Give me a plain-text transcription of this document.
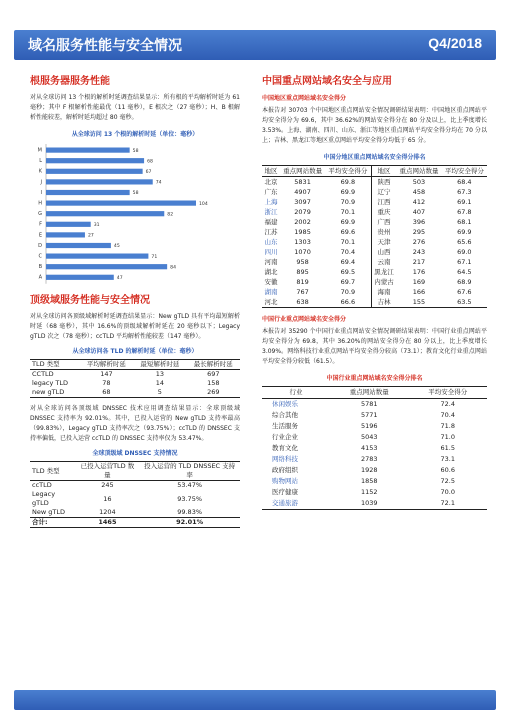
域名服务性能与安全情况	Q4/2018
根服务器服务性能
对从全球访问 13 个根的解析时延调查结果显示：所有根的平均解析时延为 61 毫秒；其中 F 根解析性能最优（11 毫秒），E 根次之（27 毫秒）；H、B 根解析性能较差，解析时延均超过 80 毫秒。
从全球访问 13 个根的解析时延（单位：毫秒）
M	58
L	68
K	67
J	74
I	58
H	104
G	82
F	31
E	27
D	45
C	71
B	84
A	47
顶级域服务性能与安全情况
对从全球访问各顶级域解析时延调查结果显示：New gTLD 具有平均最短解析时延（68 毫秒），其中 16.6%的顶级域解析时延在 20 毫秒以下；Legacy gTLD 次之（78 毫秒）；ccTLD 平均解析性能较差（147 毫秒）。
从全球访问各 TLD 的解析时延（单位：毫秒）
TLD 类型	平均解析时延	最短解析时延	最长解析时延
CCTLD	147	13	697
legacy TLD	78	14	158
new gTLD	68	5	269
对从全球访问各顶级域 DNSSEC 技术应用调查结果显示：全球顶级域 DNSSEC 支持率为 92.01%。其中，已投入运营的 New gTLD 支持率最高（99.83%），Legacy gTLD 支持率次之（93.75%）；ccTLD 的 DNSSEC 支持率偏低，已投入运营 ccTLD 的 DNSSEC 支持率仅为 53.47%。
全球顶级域 DNSSEC 支持情况
TLD 类型	已投入运营TLD 数量	投入运营的 TLD DNSSEC 支持率
ccTLD	245	53.47%
Legacy gTLD	16	93.75%
New gTLD	1204	99.83%
合计:	1465	92.01%
中国重点网站域名安全与应用
中国地区重点网站域名安全得分
本报告对 30703 个中国地区重点网站安全情况调研结果表明：中国地区重点网站平均安全得分为 69.6，其中 36.62%的网站安全得分在 80 分及以上，比上季度增长 3.53%。上海、湖南、四川、山东、浙江等地区重点网站平均安全得分均在 70 分以上；吉林、黑龙江等地区重点网站平均安全得分均低于 65 分。
中国分地区重点网站域名安全得分排名
地区	重点网站数量	平均安全得分	地区	重点网站数量	平均安全得分
北京	5831	69.8	陕西	503	68.4
广东	4907	69.9	辽宁	458	67.3
上海	3097	70.9	江西	412	69.1
浙江	2079	70.1	重庆	407	67.8
福建	2002	69.9	广西	396	68.1
江苏	1985	69.6	贵州	295	69.9
山东	1303	70.1	天津	276	65.6
四川	1070	70.4	山西	243	69.0
河南	958	69.4	云南	217	67.1
湖北	895	69.5	黑龙江	176	64.5
安徽	819	69.7	内蒙古	169	68.9
湖南	767	70.9	海南	166	67.6
河北	638	66.6	吉林	155	63.5
中国行业重点网站域名安全得分
本报告对 35290 个中国行业重点网站安全情况调研结果表明：中国行业重点网站平均安全得分为 69.8，其中 36.20%的网站安全得分在 80 分以上，比上季度增长 3.09%。网络科技行业重点网站平均安全得分较高（73.1）；教育文化行业重点网站平均安全得分较低（61.5）。
中国行业重点网站域名安全得分排名
行业	重点网站数量	平均安全得分
休闲娱乐	5781	72.4
综合其他	5771	70.4
生活服务	5196	71.8
行业企业	5043	71.0
教育文化	4153	61.5
网络科技	2783	73.1
政府组织	1928	60.6
购物网站	1858	72.5
医疗健康	1152	70.0
交通旅游	1039	72.1
